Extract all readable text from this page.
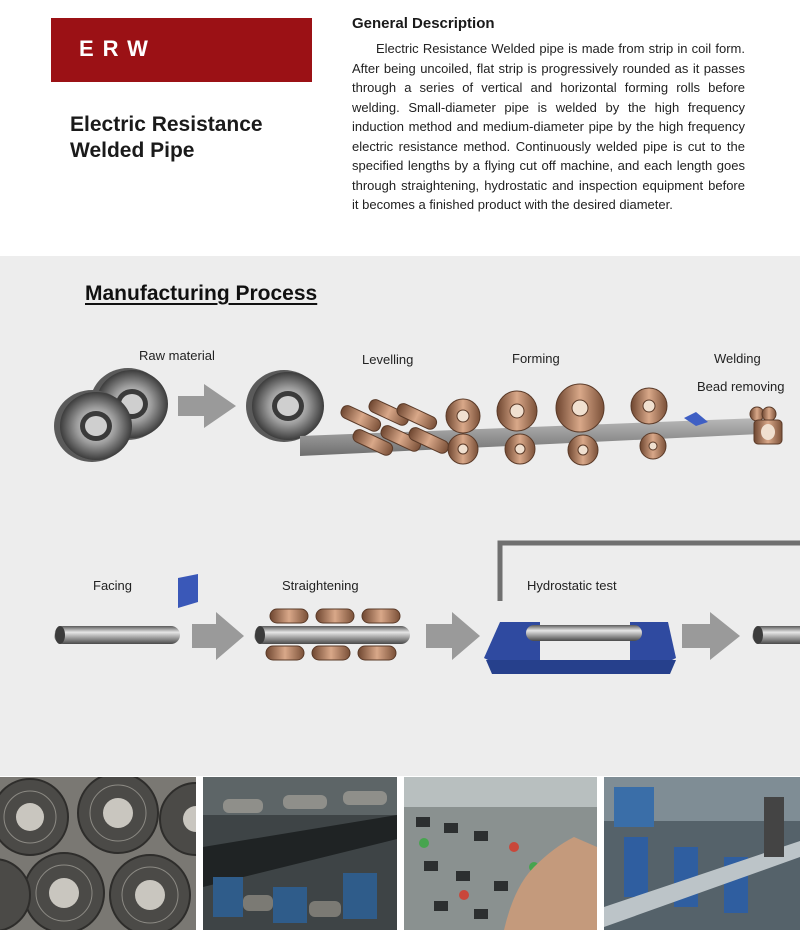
ERW
Electric Resistance
Welded Pipe
General Description
Electric Resistance Welded pipe is made from strip in coil form. After being uncoiled, flat strip is progressively rounded as it passes through a series of vertical and horizontal forming rolls before welding. Small-diameter pipe is welded by the high frequency induction method and medium-diameter pipe by the high frequency electric resistance method. Continuously welded pipe is cut to the specified lengths by a flying cut off machine, and each length goes through straightening, hydrostatic and inspection equipment before it becomes a finished product with the desired diameter.
Manufacturing Process
Raw material	Levelling	Forming	Welding
Bead removing
Facing	Straightening	Hydrostatic test
